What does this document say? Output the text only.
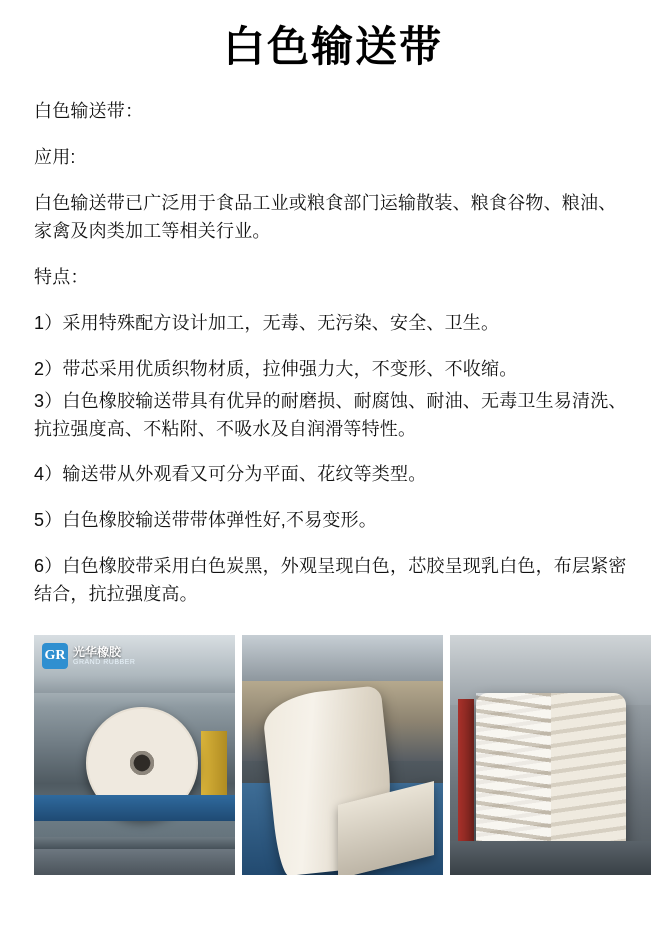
白色输送带

白色输送带：

应用:

白色输送带已广泛用于食品工业或粮食部门运输散装、粮食谷物、粮油、家禽及肉类加工等相关行业。

特点：

1）采用特殊配方设计加工，无毒、无污染、安全、卫生。

2）带芯采用优质织物材质，拉伸强力大，不变形、不收缩。

3）白色橡胶输送带具有优异的耐磨损、耐腐蚀、耐油、无毒卫生易清洗、抗拉强度高、不粘附、不吸水及自润滑等特性。

4）输送带从外观看又可分为平面、花纹等类型。

5）白色橡胶输送带带体弹性好,不易变形。

6）白色橡胶带采用白色炭黑，外观呈现白色，芯胶呈现乳白色，布层紧密结合，抗拉强度高。

GR 光华橡胶
GRAND RUBBER
